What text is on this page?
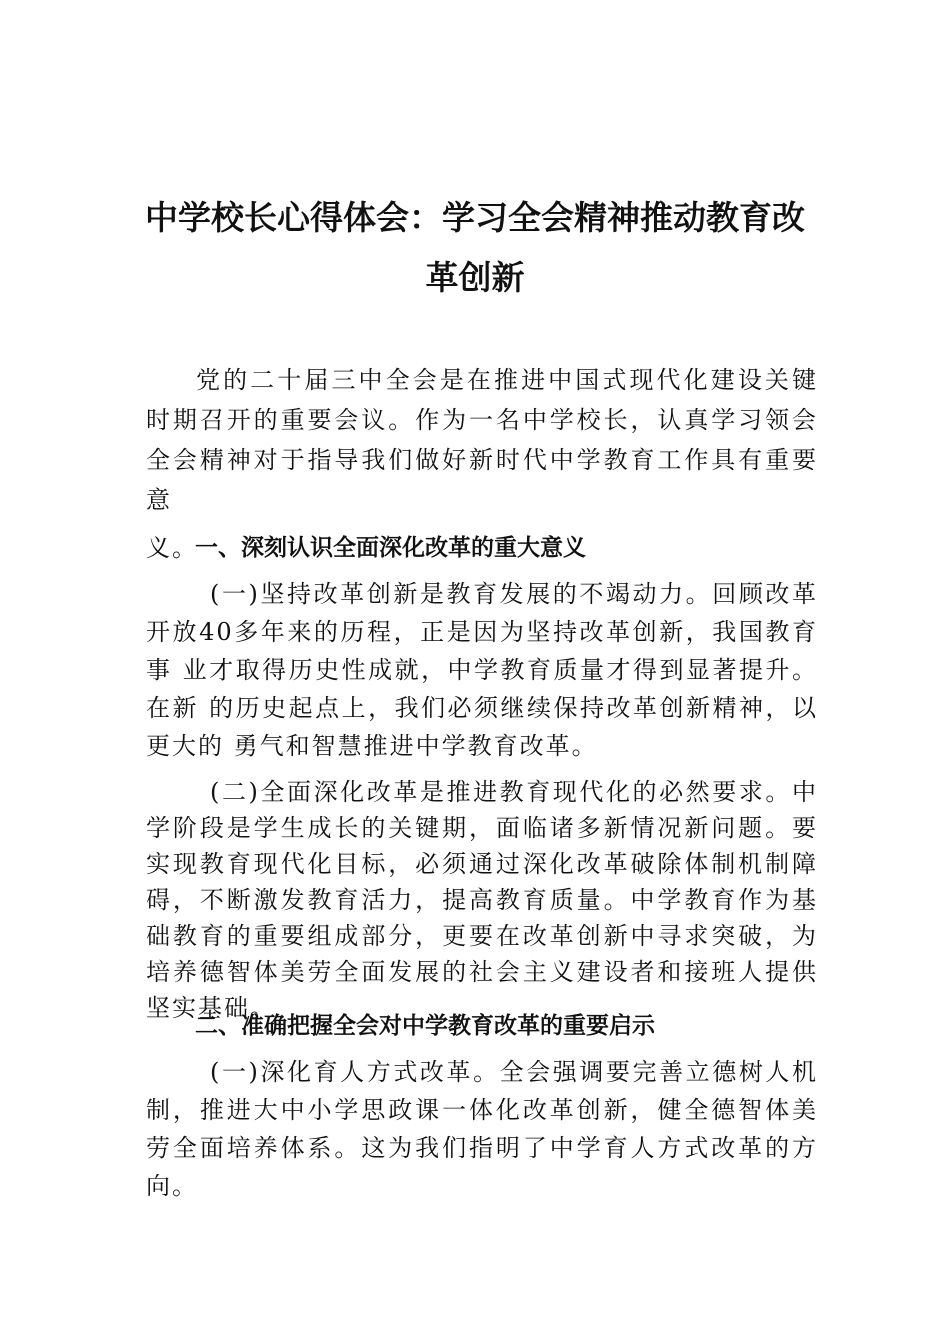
中学校长心得体会：学习全会精神推动教育改革创新

党的二十届三中全会是在推进中国式现代化建设关键时期召开的重要会议。作为一名中学校长，认真学习领会全会精神对于指导我们做好新时代中学教育工作具有重要意
义。

一、深刻认识全面深化改革的重大意义

(一)坚持改革创新是教育发展的不竭动力。回顾改革开放40多年来的历程，正是因为坚持改革创新，我国教育事 业才取得历史性成就，中学教育质量才得到显著提升。在新 的历史起点上，我们必须继续保持改革创新精神，以更大的 勇气和智慧推进中学教育改革。

(二)全面深化改革是推进教育现代化的必然要求。中学阶段是学生成长的关键期，面临诸多新情况新问题。要实现教育现代化目标，必须通过深化改革破除体制机制障碍，不断激发教育活力，提高教育质量。中学教育作为基础教育的重要组成部分，更要在改革创新中寻求突破，为培养德智体美劳全面发展的社会主义建设者和接班人提供坚实基础。

二、准确把握全会对中学教育改革的重要启示

(一)深化育人方式改革。全会强调要完善立德树人机制，推进大中小学思政课一体化改革创新，健全德智体美劳全面培养体系。这为我们指明了中学育人方式改革的方向。
